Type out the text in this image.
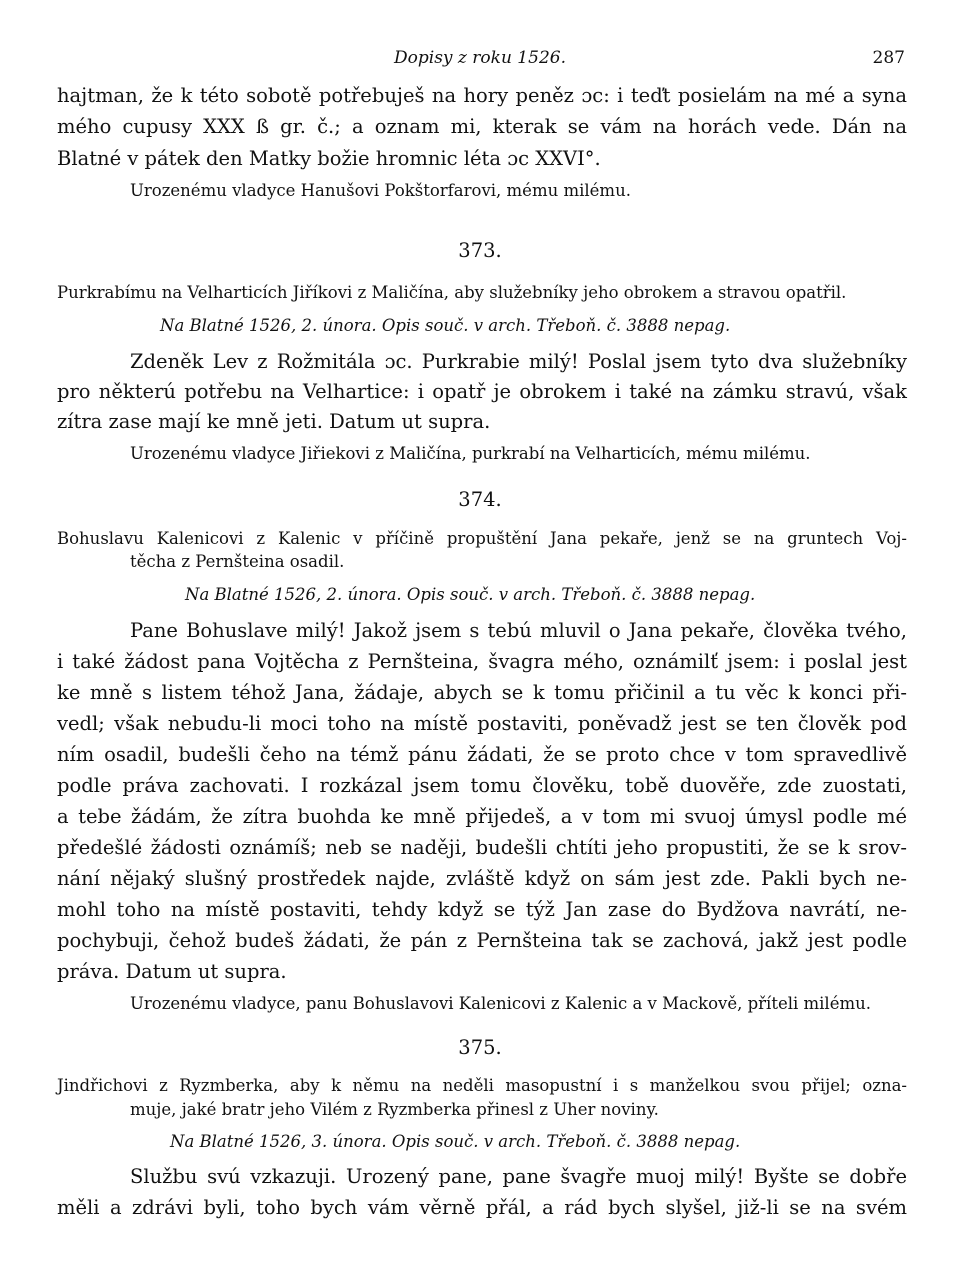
Dopisy z roku 1526.	287
hajtman, že k této sobotě potřebuješ na hory peněz ɔc: i teďt posielám na mé a syna
mého cupusy XXX ß gr. č.; a oznam mi, kterak se vám na horách vede. Dán na
Blatné v pátek den Matky božie hromnic léta ɔc XXVI°.
Urozenému vladyce Hanušovi Pokštorfarovi, mému milému.
373.
Purkrabímu na Velharticích Jiříkovi z Maličína, aby služebníky jeho obrokem a stravou opatřil.
Na Blatné 1526, 2. února. Opis souč. v arch. Třeboň. č. 3888 nepag.
Zdeněk Lev z Rožmitála ɔc. Purkrabie milý! Poslal jsem tyto dva služebníky
pro některú potřebu na Velhartice: i opatř je obrokem i také na zámku stravú, však
zítra zase mají ke mně jeti. Datum ut supra.
Urozenému vladyce Jiřiekovi z Maličína, purkrabí na Velharticích, mému milému.
374.
Bohuslavu Kalenicovi z Kalenic v příčině propuštění Jana pekaře, jenž se na gruntech Voj-
těcha z Pernšteina osadil.
Na Blatné 1526, 2. února. Opis souč. v arch. Třeboň. č. 3888 nepag.
Pane Bohuslave milý! Jakož jsem s tebú mluvil o Jana pekaře, člověka tvého,
i také žádost pana Vojtěcha z Pernšteina, švagra mého, oznámilť jsem: i poslal jest
ke mně s listem téhož Jana, žádaje, abych se k tomu přičinil a tu věc k konci při-
vedl; však nebudu-li moci toho na místě postaviti, poněvadž jest se ten člověk pod
ním osadil, budešli čeho na témž pánu žádati, že se proto chce v tom spravedlivě
podle práva zachovati. I rozkázal jsem tomu člověku, tobě duověře, zde zuostati,
a tebe žádám, že zítra buohda ke mně přijedeš, a v tom mi svuoj úmysl podle mé
předešlé žádosti oznámíš; neb se naději, budešli chtíti jeho propustiti, že se k srov-
nání nějaký slušný prostředek najde, zvláště když on sám jest zde. Pakli bych ne-
mohl toho na místě postaviti, tehdy když se týž Jan zase do Bydžova navrátí, ne-
pochybuji, čehož budeš žádati, že pán z Pernšteina tak se zachová, jakž jest podle
práva. Datum ut supra.
Urozenému vladyce, panu Bohuslavovi Kalenicovi z Kalenic a v Mackově, příteli milému.
375.
Jindřichovi z Ryzmberka, aby k němu na neděli masopustní i s manželkou svou přijel; ozna-
muje, jaké bratr jeho Vilém z Ryzmberka přinesl z Uher noviny.
Na Blatné 1526, 3. února. Opis souč. v arch. Třeboň. č. 3888 nepag.
Službu svú vzkazuji. Urozený pane, pane švagře muoj milý! Byšte se dobře
měli a zdrávi byli, toho bych vám věrně přál, a rád bych slyšel, již-li se na svém
